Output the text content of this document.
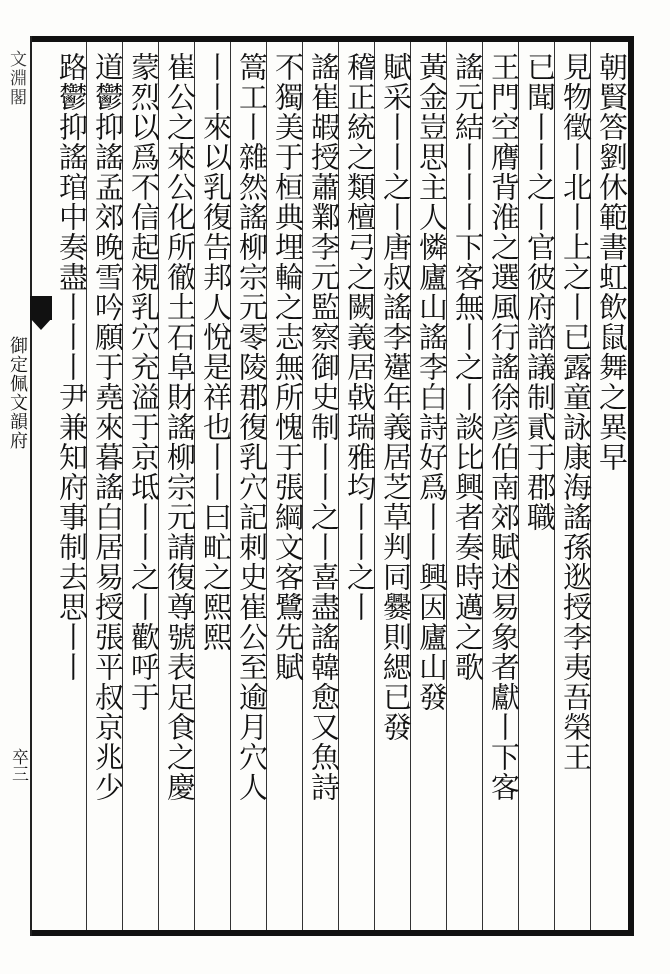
文淵閣
御定佩文韻府
卒三
朝賢答劉休範書虹飲鼠舞之異早
見物徵丨北丨上之丨已露童詠康海謠孫逖授李夷吾榮王
已聞丨丨之丨官彼府諮議制貳于郡職
王門空膺背淮之選風行謠徐彦伯南郊賦述易象者獻丨下客
謠元結丨丨丨下客無丨之丨談比興者奏時邁之歌
黃金豈思主人憐廬山謠李白詩好爲丨丨興因廬山發
賦采丨丨之丨唐叔謠李𨗨年義居芝草判同爨則緦已發
稽正統之類檀弓之闕義居㦸瑞雅均丨丨之丨
謠崔嘏授蕭鄴李元監察御史制丨丨之丨喜盡謠韓愈又魚詩
不獨美于桓典埋輪之志無所愧于張綱文客鷺先賦
篙工丨雜然謠柳宗元零陵郡復乳穴記刺史崔公至逾月穴人
丨丨來以乳復告邦人悅是祥也丨丨曰甿之熙熙
崔公之來公化所徹土石阜財謠柳宗元請復尊號表足食之慶
蒙烈以爲不信起視乳穴充溢于京坻丨丨之丨歡呼于
道鬱抑謠孟郊晚雪吟願于堯來暮謠白居易授張平叔京兆少
路鬱抑謠琯中奏盡丨丨丨尹兼知府事制去思丨丨
